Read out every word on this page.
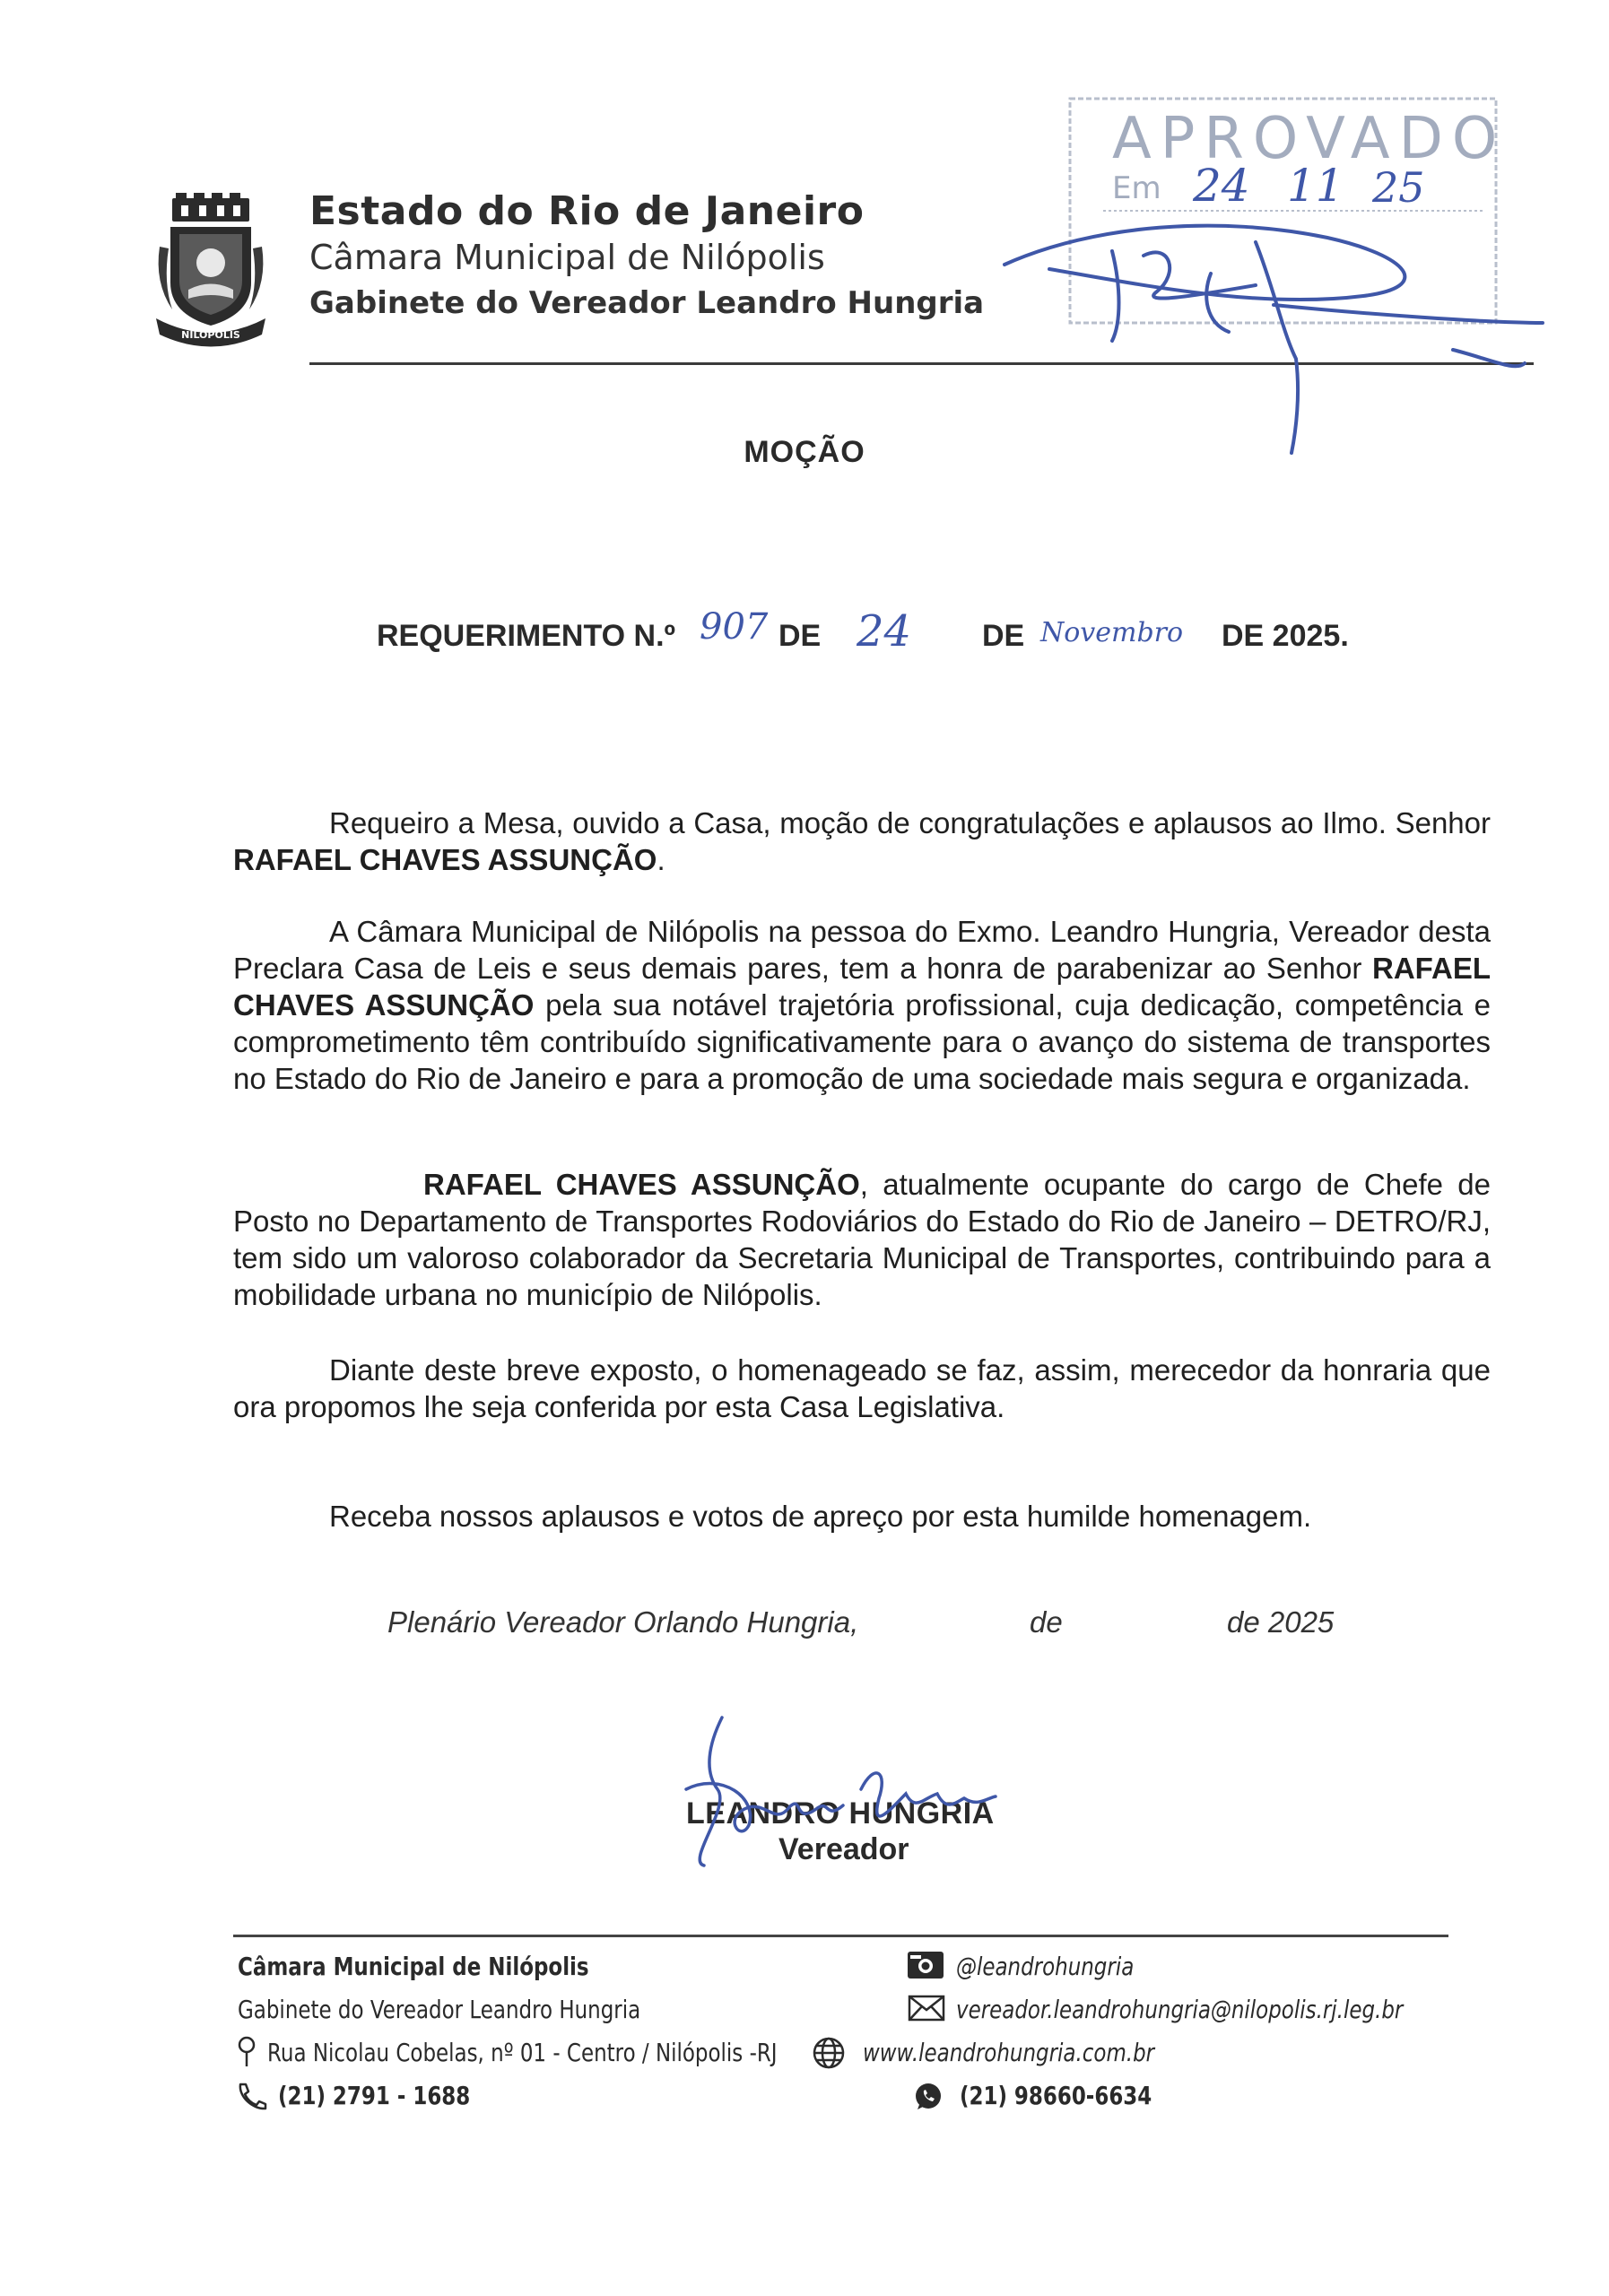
NILÓPOLIS
Estado do Rio de Janeiro
Câmara Municipal de Nilópolis
Gabinete do Vereador Leandro Hungria
APROVADO
Em 24 11 25
MOÇÃO
REQUERIMENTO N.º 907 DE 24 DE Novembro DE 2025.
Requeiro a Mesa, ouvido a Casa, moção de congratulações e aplausos ao Ilmo. Senhor RAFAEL CHAVES ASSUNÇÃO.
A Câmara Municipal de Nilópolis na pessoa do Exmo. Leandro Hungria, Vereador desta Preclara Casa de Leis e seus demais pares, tem a honra de parabenizar ao Senhor RAFAEL CHAVES ASSUNÇÃO pela sua notável trajetória profissional, cuja dedicação, competência e comprometimento têm contribuído significativamente para o avanço do sistema de transportes no Estado do Rio de Janeiro e para a promoção de uma sociedade mais segura e organizada.
RAFAEL CHAVES ASSUNÇÃO, atualmente ocupante do cargo de Chefe de Posto no Departamento de Transportes Rodoviários do Estado do Rio de Janeiro – DETRO/RJ, tem sido um valoroso colaborador da Secretaria Municipal de Transportes, contribuindo para a mobilidade urbana no município de Nilópolis.
Diante deste breve exposto, o homenageado se faz, assim, merecedor da honraria que ora propomos lhe seja conferida por esta Casa Legislativa.
Receba nossos aplausos e votos de apreço por esta humilde homenagem.
Plenário Vereador Orlando Hungria,	de	de 2025
LEANDRO HUNGRIA
Vereador
Câmara Municipal de Nilópolis
Gabinete do Vereador Leandro Hungria
Rua Nicolau Cobelas, nº 01 - Centro / Nilópolis -RJ
(21) 2791 - 1688
@leandrohungria
vereador.leandrohungria@nilopolis.rj.leg.br
www.leandrohungria.com.br
(21) 98660-6634
